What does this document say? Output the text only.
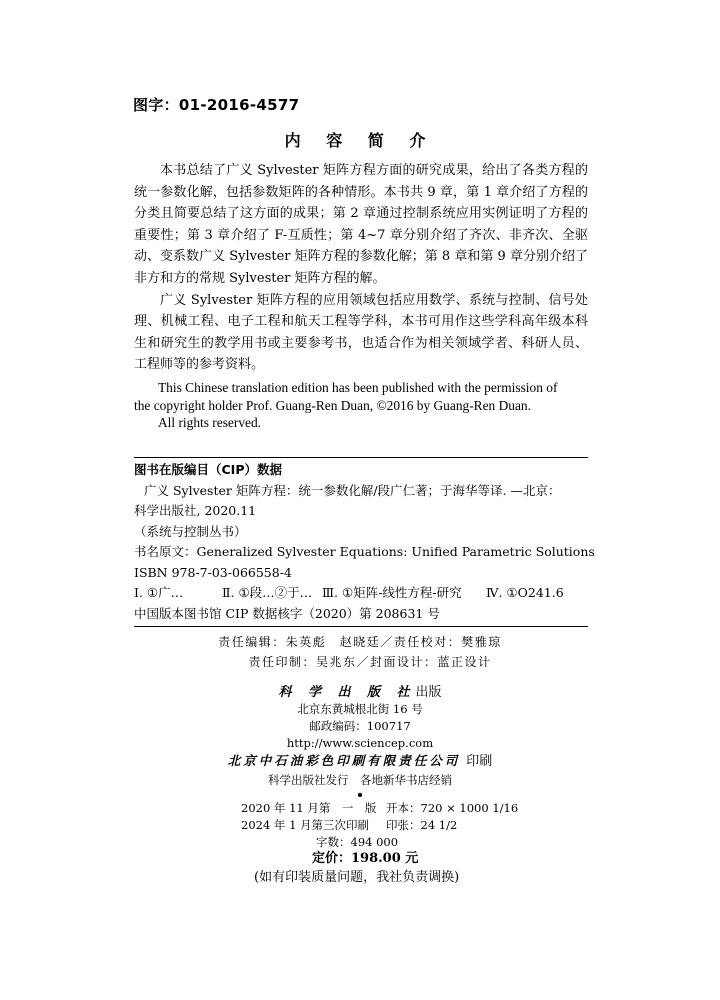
图字：01-2016-4577
内 容 简 介

本书总结了广义 Sylvester 矩阵方程方面的研究成果，给出了各类方程的统一参数化解，包括参数矩阵的各种情形。本书共 9 章，第 1 章介绍了方程的分类且简要总结了这方面的成果；第 2 章通过控制系统应用实例证明了方程的重要性；第 3 章介绍了 F-互质性；第 4~7 章分别介绍了齐次、非齐次、全驱动、变系数广义 Sylvester 矩阵方程的参数化解；第 8 章和第 9 章分别介绍了非方和方的常规 Sylvester 矩阵方程的解。

广义 Sylvester 矩阵方程的应用领域包括应用数学、系统与控制、信号处理、机械工程、电子工程和航天工程等学科，本书可用作这些学科高年级本科生和研究生的教学用书或主要参考书，也适合作为相关领域学者、科研人员、工程师等的参考资料。

This Chinese translation edition has been published with the permission of
the copyright holder Prof. Guang-Ren Duan, ©2016 by Guang-Ren Duan.
All rights reserved.
图书在版编目（CIP）数据
广义 Sylvester 矩阵方程：统一参数化解/段广仁著；于海华等译. —北京：
科学出版社, 2020.11
（系统与控制丛书）
书名原文：Generalized Sylvester Equations: Unified Parametric Solutions
ISBN 978-7-03-066558-4
Ⅰ. ①广…	Ⅱ. ①段…②于… Ⅲ. ①矩阵-线性方程-研究 Ⅳ. ①O241.6
中国版本图书馆 CIP 数据核字（2020）第 208631 号
责任编辑：朱英彪　赵晓廷／责任校对：樊雅琼
责任印制：吴兆东／封面设计：蓝正设计
科 学 出 版 社出版
北京东黄城根北街 16 号
邮政编码：100717
http://www.sciencep.com
北京中石油彩色印刷有限责任公司 印刷
科学出版社发行　各地新华书店经销
2020 年 11 月第　一　版 开本：720 × 1000 1/16
2024 年 1 月第三次印刷 印张：24 1/2
字数：494 000
定价：198.00 元
(如有印装质量问题，我社负责调换)
